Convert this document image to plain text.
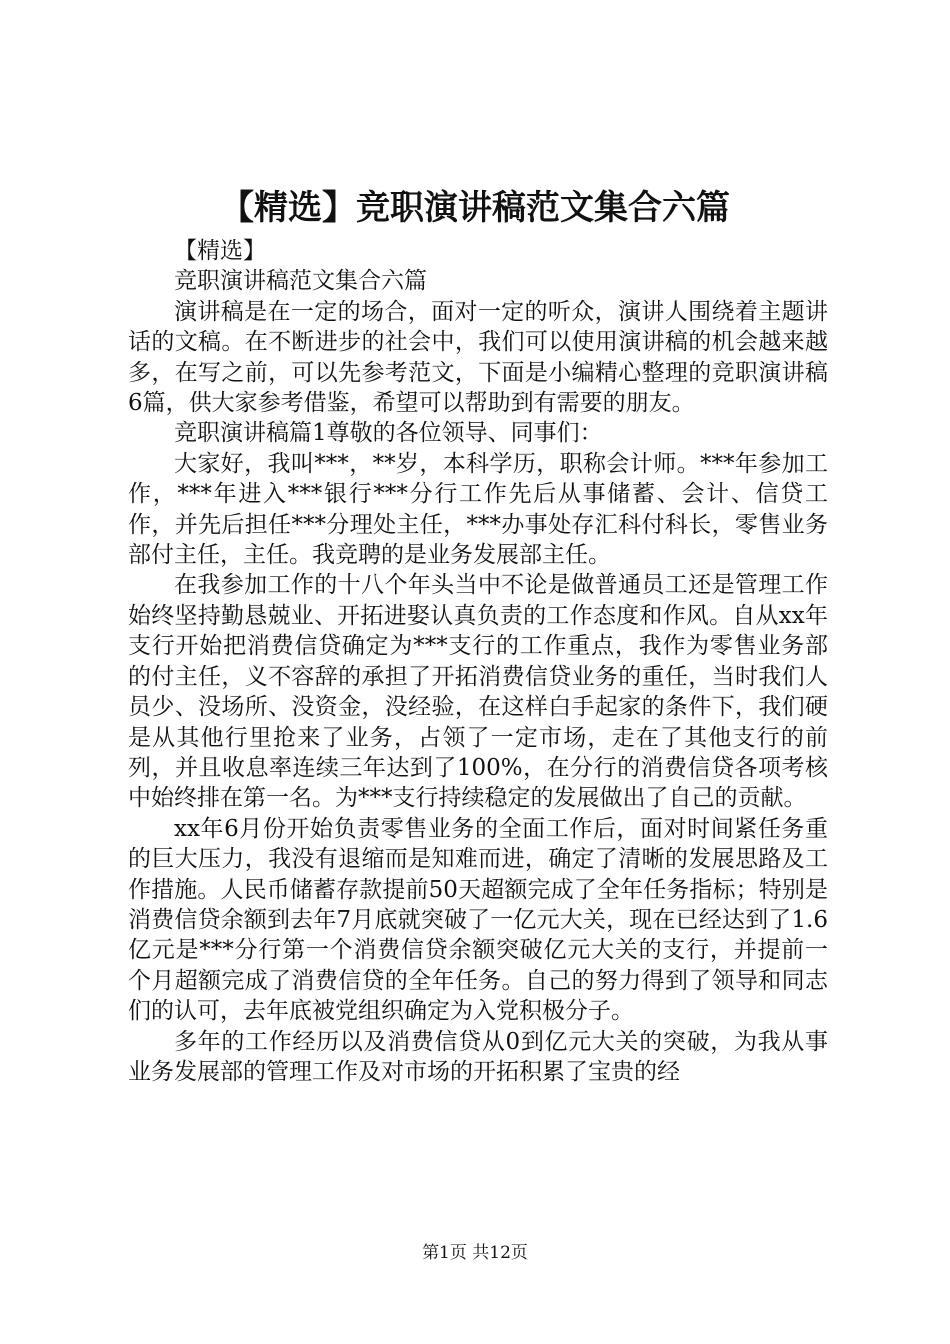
【精选】竞职演讲稿范文集合六篇

【精选】

竞职演讲稿范文集合六篇

演讲稿是在一定的场合，面对一定的听众，演讲人围绕着主题讲话的文稿。在不断进步的社会中，我们可以使用演讲稿的机会越来越多，在写之前，可以先参考范文，下面是小编精心整理的竞职演讲稿6篇，供大家参考借鉴，希望可以帮助到有需要的朋友。

竞职演讲稿篇1尊敬的各位领导、同事们：

大家好，我叫***，**岁，本科学历，职称会计师。***年参加工作，***年进入***银行***分行工作先后从事储蓄、会计、信贷工作，并先后担任***分理处主任，***办事处存汇科付科长，零售业务部付主任，主任。我竞聘的是业务发展部主任。

在我参加工作的十八个年头当中不论是做普通员工还是管理工作始终坚持勤恳兢业、开拓进娶认真负责的工作态度和作风。自从xx年支行开始把消费信贷确定为***支行的工作重点，我作为零售业务部的付主任，义不容辞的承担了开拓消费信贷业务的重任，当时我们人员少、没场所、没资金，没经验，在这样白手起家的条件下，我们硬是从其他行里抢来了业务，占领了一定市场，走在了其他支行的前列，并且收息率连续三年达到了100%，在分行的消费信贷各项考核中始终排在第一名。为***支行持续稳定的发展做出了自己的贡献。

xx年6月份开始负责零售业务的全面工作后，面对时间紧任务重的巨大压力，我没有退缩而是知难而进，确定了清晰的发展思路及工作措施。人民币储蓄存款提前50天超额完成了全年任务指标；特别是消费信贷余额到去年7月底就突破了一亿元大关，现在已经达到了1.6亿元是***分行第一个消费信贷余额突破亿元大关的支行，并提前一个月超额完成了消费信贷的全年任务。自己的努力得到了领导和同志们的认可，去年底被党组织确定为入党积极分子。

多年的工作经历以及消费信贷从0到亿元大关的突破，为我从事业务发展部的管理工作及对市场的开拓积累了宝贵的经

第1页 共12页
